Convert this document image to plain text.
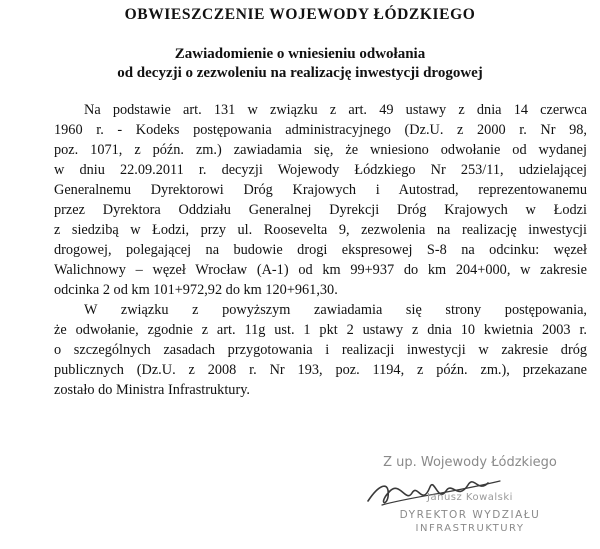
OBWIESZCZENIE WOJEWODY ŁÓDZKIEGO
Zawiadomienie o wniesieniu odwołania
od decyzji o zezwoleniu na realizację inwestycji drogowej

Na podstawie art. 131 w związku z art. 49 ustawy z dnia 14 czerwca
1960 r. - Kodeks postępowania administracyjnego (Dz.U. z 2000 r. Nr 98,
poz. 1071, z późn. zm.) zawiadamia się, że wniesiono odwołanie od wydanej
w dniu 22.09.2011 r. decyzji Wojewody Łódzkiego Nr 253/11, udzielającej
Generalnemu Dyrektorowi Dróg Krajowych i Autostrad, reprezentowanemu
przez Dyrektora Oddziału Generalnej Dyrekcji Dróg Krajowych w Łodzi
z siedzibą w Łodzi, przy ul. Roosevelta 9, zezwolenia na realizację inwestycji
drogowej, polegającej na budowie drogi ekspresowej S-8 na odcinku: węzeł
Walichnowy – węzeł Wrocław (A-1) od km 99+937 do km 204+000, w zakresie
odcinka 2 od km 101+972,92 do km 120+961,30.

W związku z powyższym zawiadamia się strony postępowania,
że odwołanie, zgodnie z art. 11g ust. 1 pkt 2 ustawy z dnia 10 kwietnia 2003 r.
o szczególnych zasadach przygotowania i realizacji inwestycji w zakresie dróg
publicznych (Dz.U. z 2008 r. Nr 193, poz. 1194, z późn. zm.), przekazane
zostało do Ministra Infrastruktury.

Z up. Wojewody Łódzkiego
Janusz Kowalski
DYREKTOR WYDZIAŁU
INFRASTRUKTURY
